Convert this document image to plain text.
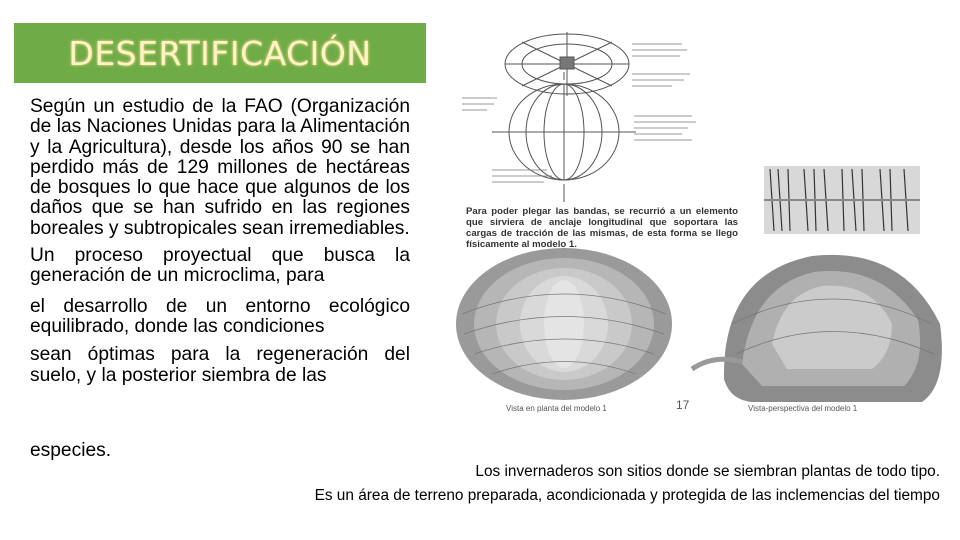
DESERTIFICACIÓN

Según un estudio de la FAO (Organización de las Naciones Unidas para la Alimentación y la Agricultura), desde los años 90 se han perdido más de 129 millones de hectáreas de bosques lo que hace que algunos de los daños que se han sufrido en las regiones boreales y subtropicales sean irremediables.

Un proceso proyectual que busca la generación de un microclima, para

el desarrollo de un entorno ecológico equilibrado, donde las condiciones

sean óptimas para la regeneración del suelo, y la posterior siembra de las

especies.
Para poder plegar las bandas, se recurrió a un elemento que sirviera de anclaje longitudinal que soportara las cargas de tracción de las mismas, de esta forma se llego físicamente al modelo 1.
Vista en planta del modelo 1	17	Vista-perspectiva del modelo 1
Los invernaderos son sitios donde se siembran plantas de todo tipo.
Es un área de terreno preparada, acondicionada y protegida de las inclemencias del tiempo
